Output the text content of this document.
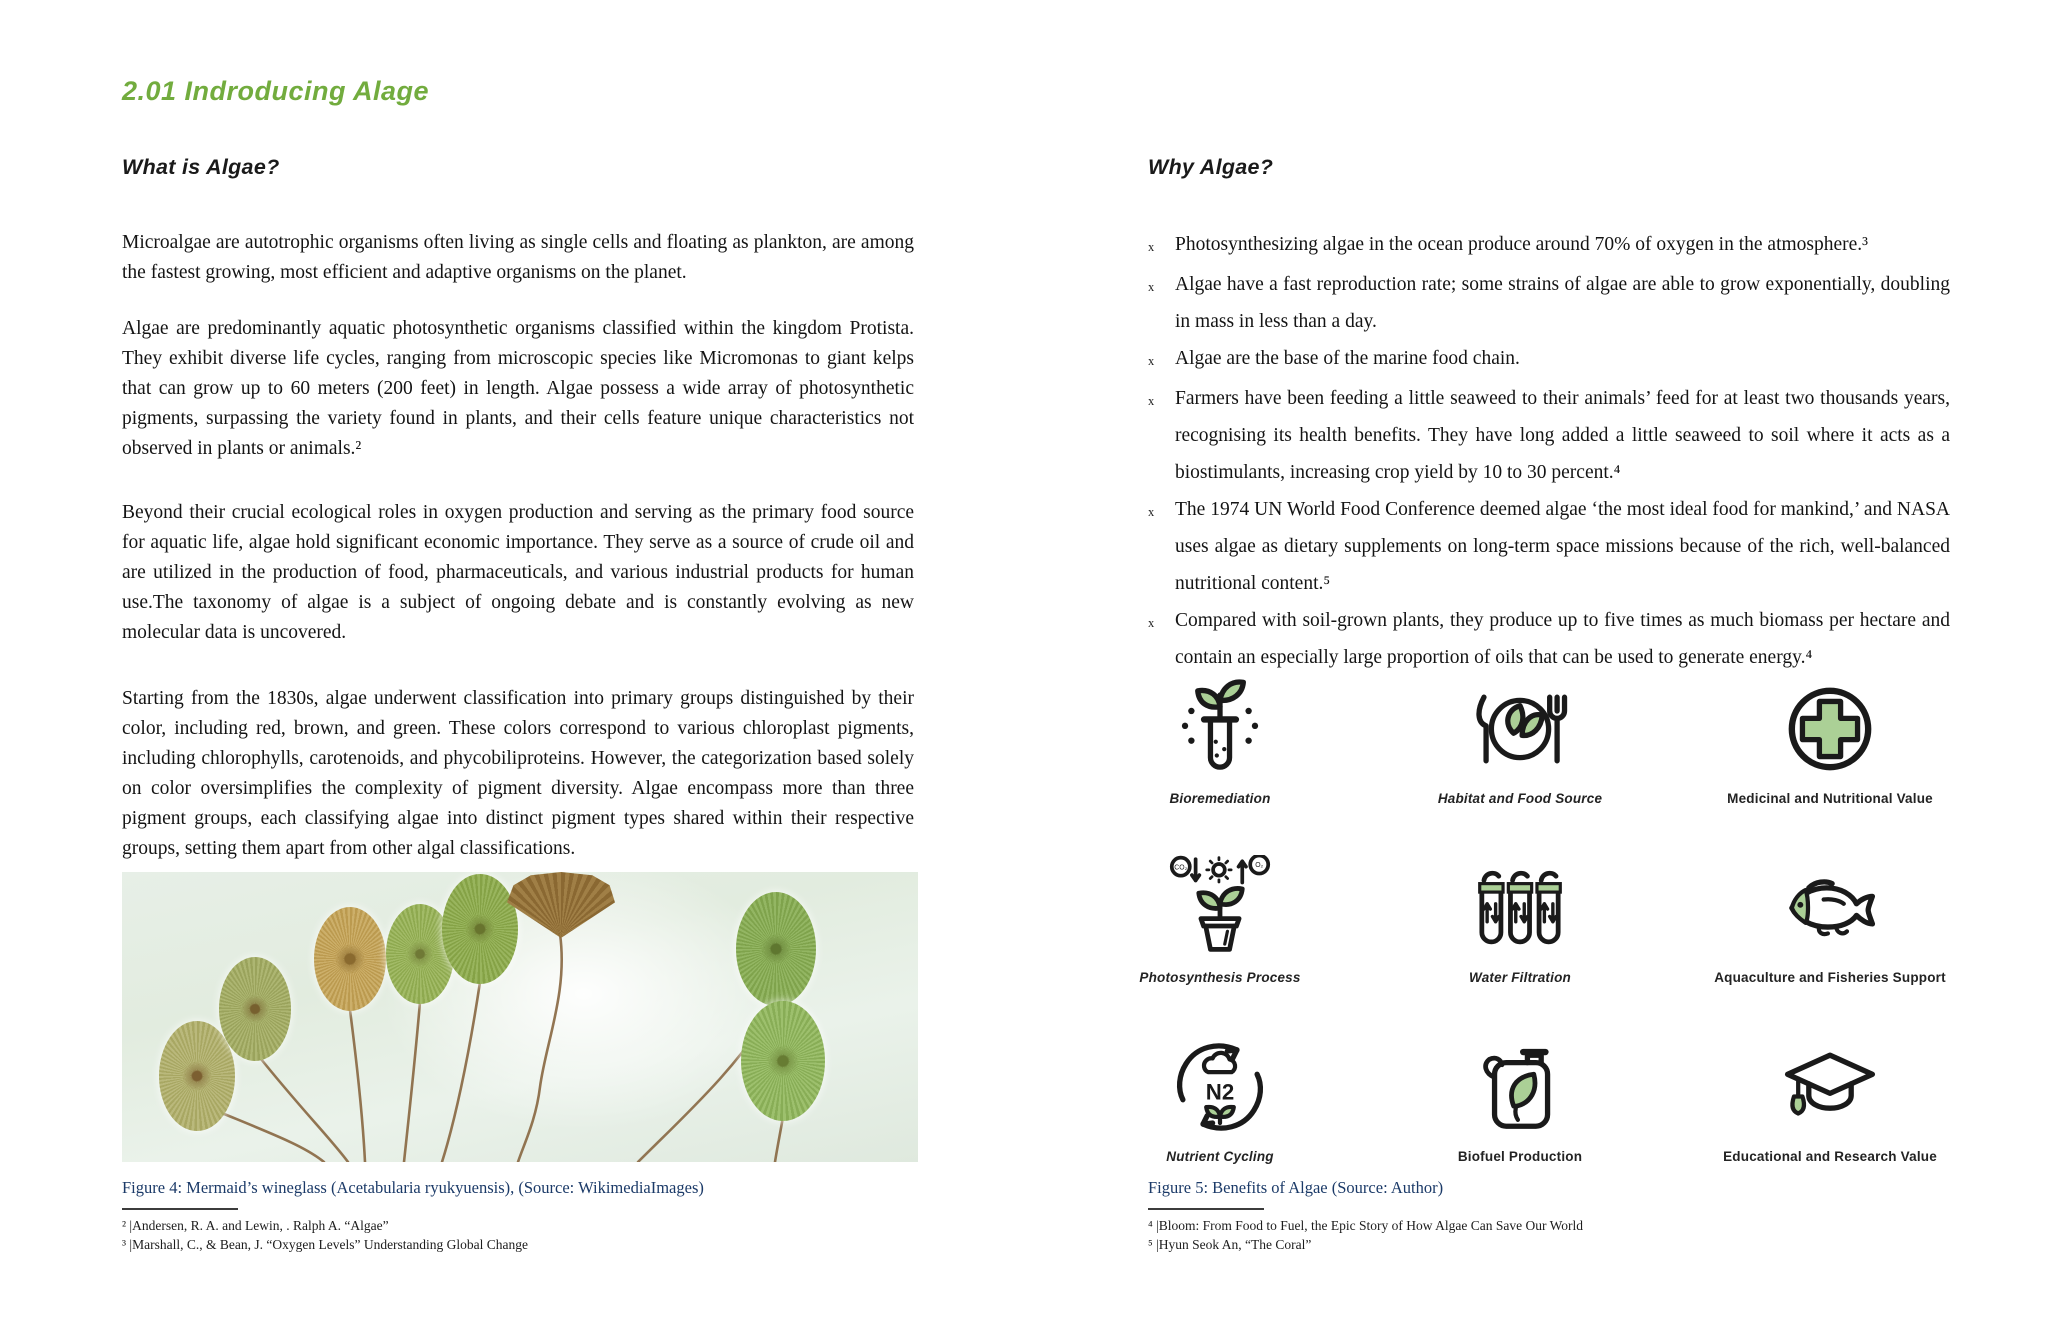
2.01 Indroducing Alage
What is Algae?
Microalgae are autotrophic organisms often living as single cells and floating as plankton, are among the fastest growing, most efficient and adaptive organisms on the planet.
Algae are predominantly aquatic photosynthetic organisms classified within the kingdom Protista. They exhibit diverse life cycles, ranging from microscopic species like Micromonas to giant kelps that can grow up to 60 meters (200 feet) in length. Algae possess a wide array of photosynthetic pigments, surpassing the variety found in plants, and their cells feature unique characteristics not observed in plants or animals.²
Beyond their crucial ecological roles in oxygen production and serving as the primary food source for aquatic life, algae hold significant economic importance. They serve as a source of crude oil and are utilized in the production of food, pharmaceuticals, and various industrial products for human use.The taxonomy of algae is a subject of ongoing debate and is constantly evolving as new molecular data is uncovered.
Starting from the 1830s, algae underwent classification into primary groups distinguished by their color, including red, brown, and green. These colors correspond to various chloroplast pigments, including chlorophylls, carotenoids, and phycobiliproteins. However, the categorization based solely on color oversimplifies the complexity of pigment diversity. Algae encompass more than three pigment groups, each classifying algae into distinct pigment types shared within their respective groups, setting them apart from other algal classifications.
Figure 4: Mermaid’s wineglass (Acetabularia ryukyuensis), (Source: WikimediaImages)
² |Andersen, R. A. and Lewin, . Ralph A. “Algae”
³ |Marshall, C., & Bean, J. “Oxygen Levels” Understanding Global Change
Why Algae?
x	Photosynthesizing algae in the ocean produce around 70% of oxygen in the atmosphere.³
x	Algae have a fast reproduction rate; some strains of algae are able to grow exponentially, doubling in mass in less than a day.
x	Algae are the base of the marine food chain.
x	Farmers have been feeding a little seaweed to their animals’ feed for at least two thousands years, recognising its health benefits. They have long added a little seaweed to soil where it acts as a biostimulants, increasing crop yield by 10 to 30 percent.⁴
x	The 1974 UN World Food Conference deemed algae ‘the most ideal food for mankind,’ and NASA uses algae as dietary supplements on long-term space missions because of the rich, well-balanced nutritional content.⁵
x	Compared with soil-grown plants, they produce up to five times as much biomass per hectare and contain an especially large proportion of oils that can be used to generate energy.⁴
Bioremediation	Habitat and Food Source	Medicinal and Nutritional Value
CO₂	O₂
Photosynthesis Process	Water Filtration	Aquaculture and Fisheries Support
N2
Nutrient Cycling	Biofuel Production	Educational and Research Value
Figure 5: Benefits of Algae (Source: Author)
⁴ |Bloom: From Food to Fuel, the Epic Story of How Algae Can Save Our World
⁵ |Hyun Seok An, “The Coral”
